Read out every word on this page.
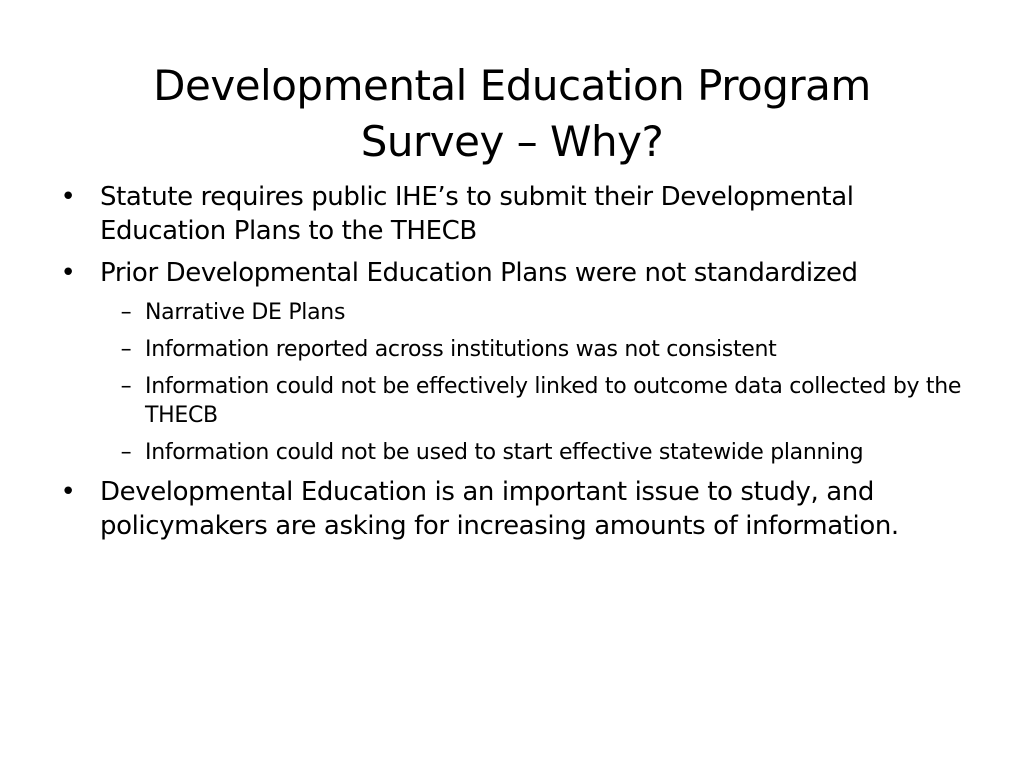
Developmental Education Program
Survey – Why?
• Statute requires public IHE’s to submit their Developmental Education Plans to the THECB
• Prior Developmental Education Plans were not standardized
– Narrative DE Plans
– Information reported across institutions was not consistent
– Information could not be effectively linked to outcome data collected by the THECB
– Information could not be used to start effective statewide planning
• Developmental Education is an important issue to study, and policymakers are asking for increasing amounts of information.
